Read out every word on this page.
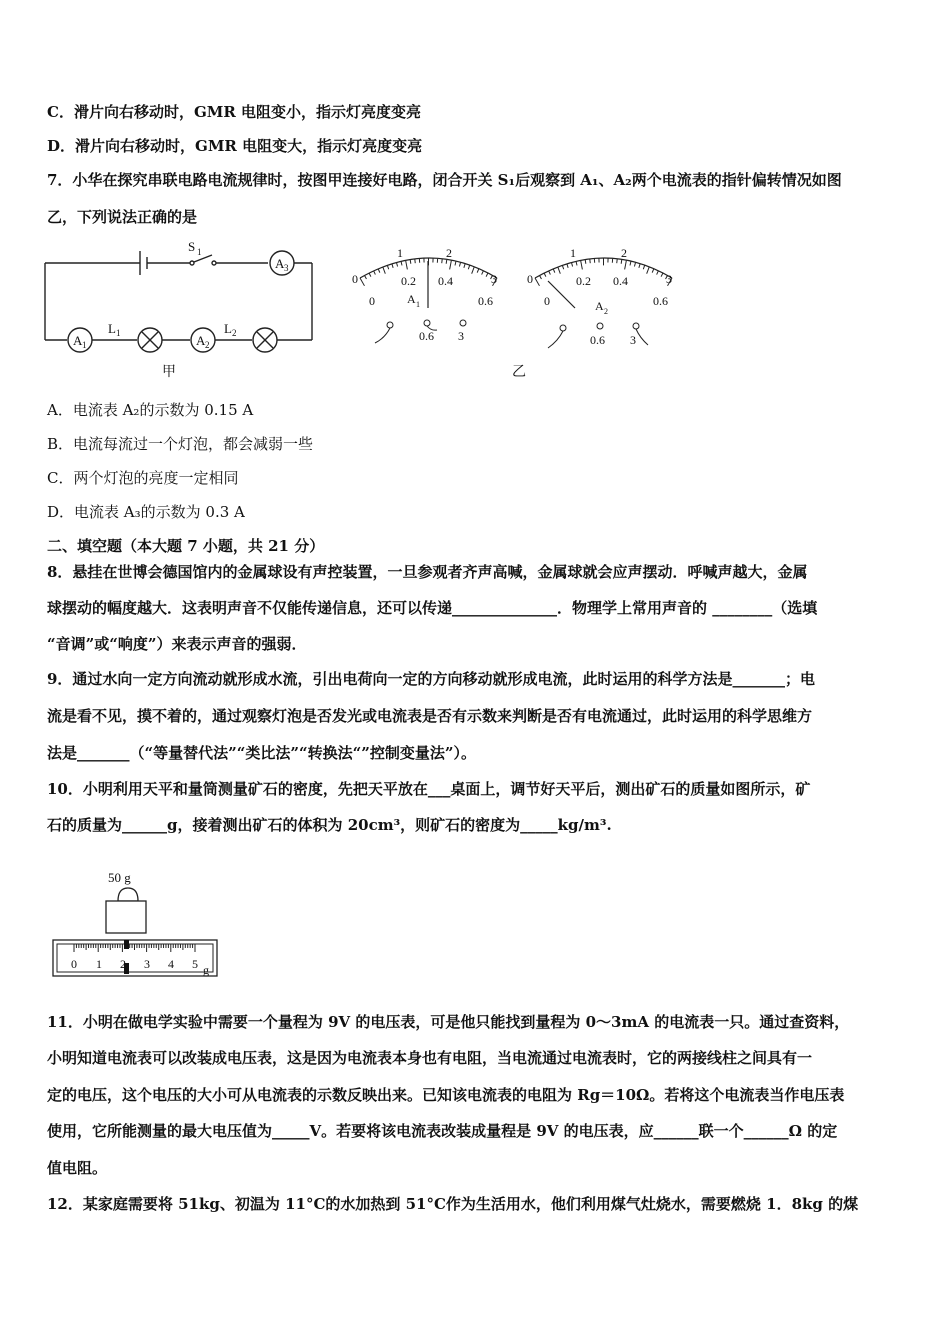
C．滑片向右移动时，GMR 电阻变小，指示灯亮度变亮
D．滑片向右移动时，GMR 电阻变大，指示灯亮度变亮
7．小华在探究串联电路电流规律时，按图甲连接好电路，闭合开关 S₁后观察到 A₁、A₂两个电流表的指针偏转情况如图
乙，下列说法正确的是
S 1
A 3
A 1
L 1	A 2
L 2
甲
1	2
3
0	0.2 0.4
0.6
0	A 1
0.6 3
1	2
3
0	0.2 0.4
0.6
0	A 2
0.6 3
乙
A．电流表 A₂的示数为 0.15 A
B．电流每流过一个灯泡，都会减弱一些
C．两个灯泡的亮度一定相同
D．电流表 A₃的示数为 0.3 A
二、填空题（本大题 7 小题，共 21 分）
8．悬挂在世博会德国馆内的金属球设有声控装置，一旦参观者齐声高喊，金属球就会应声摆动．呼喊声越大，金属
球摆动的幅度越大．这表明声音不仅能传递信息，还可以传递______________．物理学上常用声音的 ________（选填
“音调”或“响度”）来表示声音的强弱．
9．通过水向一定方向流动就形成水流，引出电荷向一定的方向移动就形成电流，此时运用的科学方法是_______；电
流是看不见，摸不着的，通过观察灯泡是否发光或电流表是否有示数来判断是否有电流通过，此时运用的科学思维方
法是_______（“等量替代法”“类比法”“转换法“”控制变量法”）。
10．小明利用天平和量筒测量矿石的密度，先把天平放在___桌面上，调节好天平后，测出矿石的质量如图所示，矿
石的质量为______g，接着测出矿石的体积为 20cm³，则矿石的密度为_____kg/m³.
50 g
0 1 2 3 4 5 g
11．小明在做电学实验中需要一个量程为 9V 的电压表，可是他只能找到量程为 0～3mA 的电流表一只。通过查资料，
小明知道电流表可以改装成电压表，这是因为电流表本身也有电阻，当电流通过电流表时，它的两接线柱之间具有一
定的电压，这个电压的大小可从电流表的示数反映出来。已知该电流表的电阻为 Rg＝10Ω。若将这个电流表当作电压表
使用，它所能测量的最大电压值为_____V。若要将该电流表改装成量程是 9V 的电压表，应______联一个______Ω 的定
值电阻。
12．某家庭需要将 51kg、初温为 11°C的水加热到 51°C作为生活用水，他们利用煤气灶烧水，需要燃烧 1．8kg 的煤
